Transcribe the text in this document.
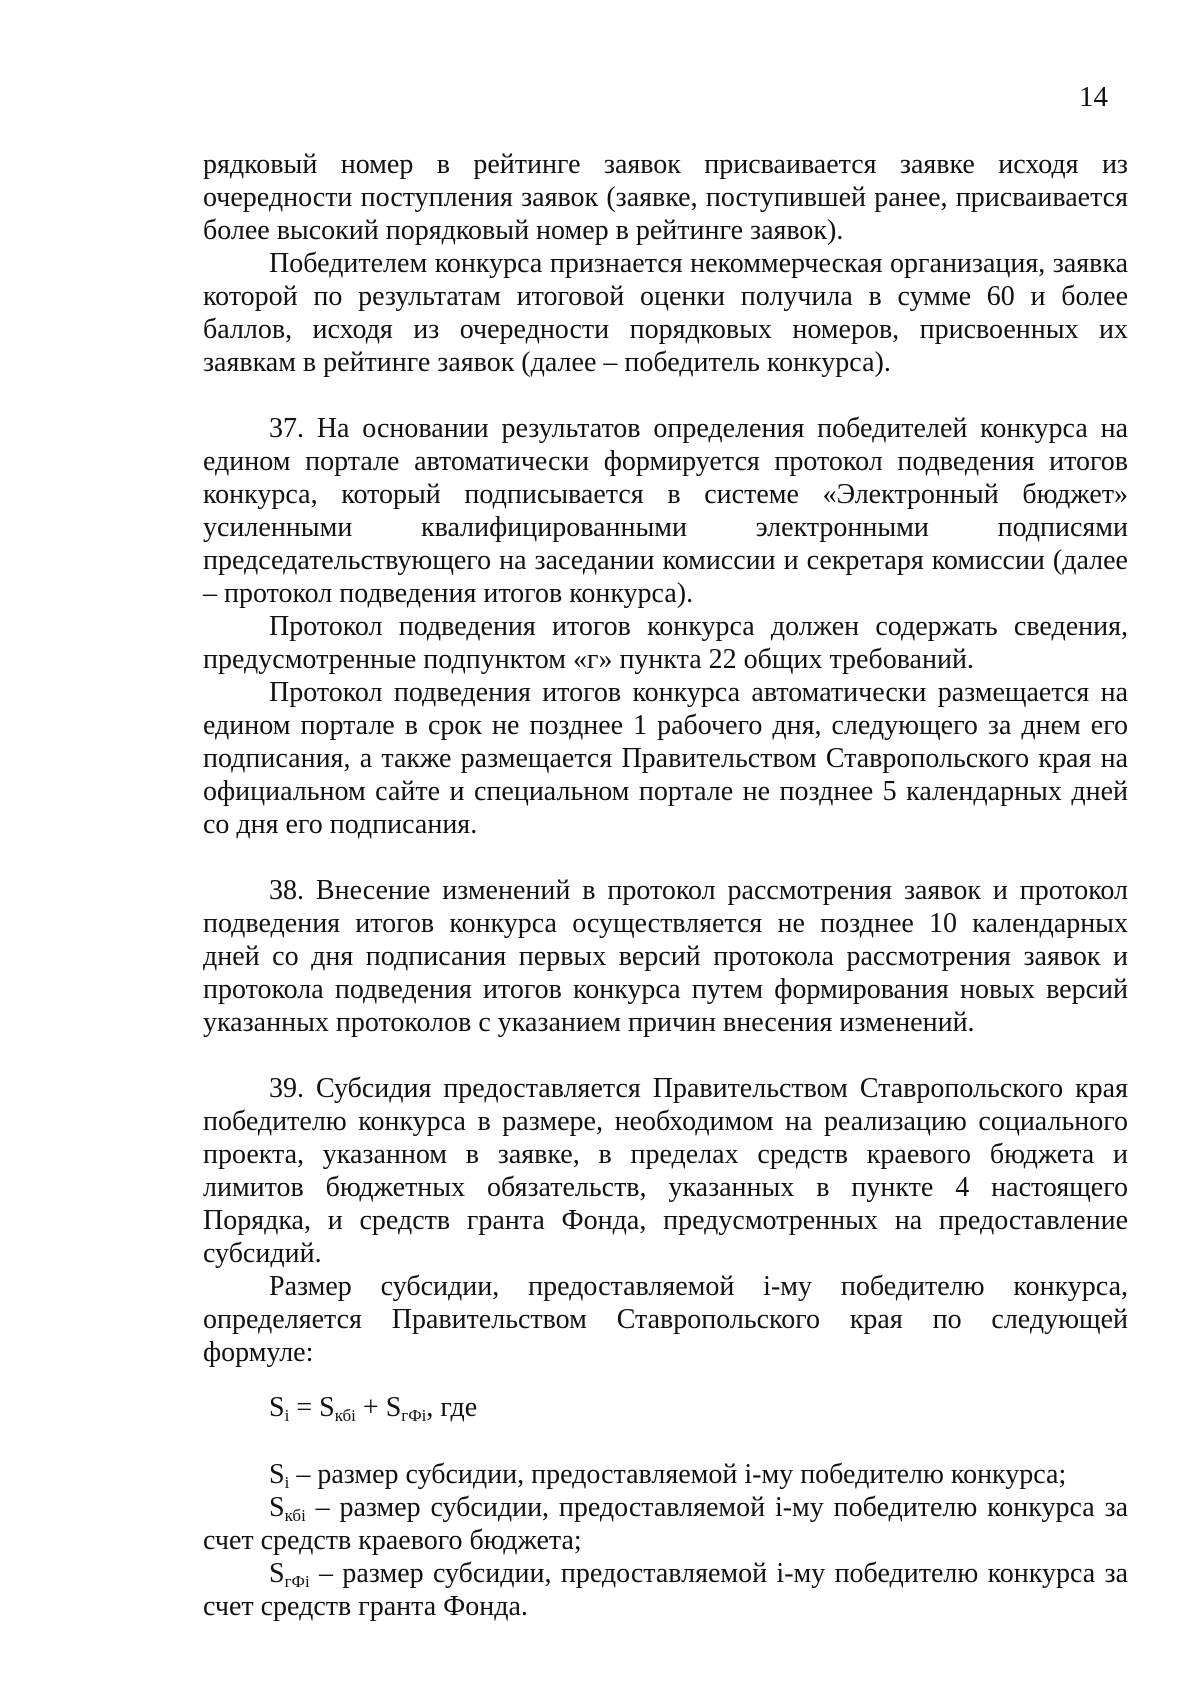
14

рядковый номер в рейтинге заявок присваивается заявке исходя из очередности поступления заявок (заявке, поступившей ранее, присваивается более высокий порядковый номер в рейтинге заявок).

Победителем конкурса признается некоммерческая организация, заявка которой по результатам итоговой оценки получила в сумме 60 и более баллов, исходя из очередности порядковых номеров, присвоенных их заявкам в рейтинге заявок (далее – победитель конкурса).

37. На основании результатов определения победителей конкурса на едином портале автоматически формируется протокол подведения итогов конкурса, который подписывается в системе «Электронный бюджет» усиленными квалифицированными электронными подписями председательствующего на заседании комиссии и секретаря комиссии (далее – протокол подведения итогов конкурса).

Протокол подведения итогов конкурса должен содержать сведения, предусмотренные подпунктом «г» пункта 22 общих требований.

Протокол подведения итогов конкурса автоматически размещается на едином портале в срок не позднее 1 рабочего дня, следующего за днем его подписания, а также размещается Правительством Ставропольского края на официальном сайте и специальном портале не позднее 5 календарных дней со дня его подписания.

38. Внесение изменений в протокол рассмотрения заявок и протокол подведения итогов конкурса осуществляется не позднее 10 календарных дней со дня подписания первых версий протокола рассмотрения заявок и протокола подведения итогов конкурса путем формирования новых версий указанных протоколов с указанием причин внесения изменений.

39. Субсидия предоставляется Правительством Ставропольского края победителю конкурса в размере, необходимом на реализацию социального проекта, указанном в заявке, в пределах средств краевого бюджета и лимитов бюджетных обязательств, указанных в пункте 4 настоящего Порядка, и средств гранта Фонда, предусмотренных на предоставление субсидий.

Размер субсидии, предоставляемой i-му победителю конкурса, определяется Правительством Ставропольского края по следующей формуле:

$S_i = S_{кбi} + S_{гФi}$, где

$S_i$ – размер субсидии, предоставляемой i-му победителю конкурса;

$S_{кбi}$ – размер субсидии, предоставляемой i-му победителю конкурса за счет средств краевого бюджета;

$S_{гФi}$ – размер субсидии, предоставляемой i-му победителю конкурса за счет средств гранта Фонда.
